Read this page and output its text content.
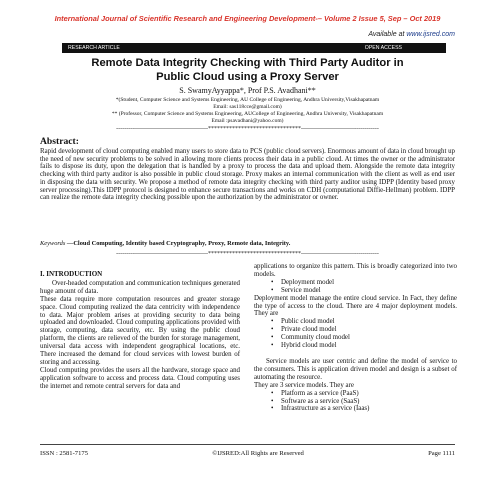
International Journal of Scientific Research and Engineering Development-– Volume 2 Issue 5, Sep – Oct 2019
Available at www.ijsred.com
RESEARCH ARTICLE	OPEN ACCESS
Remote Data Integrity Checking with Third Party Auditor in
Public Cloud using a Proxy Server
S. SwamyAyyappa*, Prof P.S. Avadhani**
*(Student, Computer Science and Systems Engineering, AU College of Engineering, Andhra University,Visakhapatnam
Email: sas118cce@gmail.com)
** (Professor, Computer Science and Systems Engineering, AUCollege of Engineering, Andhra University, Visakhapatnam
Email :psavadhani@yahoo.com)
----------------------------------------------*******************************---------------------------------------
Abstract:
Rapid development of cloud computing enabled many users to store data to PCS (public cloud servers). Enormous amount of data in cloud brought up the need of new security problems to be solved in allowing more clients process their data in a public cloud. At times the owner or the administrator fails to dispose its duty, upon the delegation that is handled by a proxy to process the data and upload them. Alongside the remote data integrity checking with third party auditor is also possible in public cloud storage. Proxy makes an internal communication with the client as well as end user in disposing the data with security. We propose a method of remote data integrity checking with third party auditor using IDPP (Identity based proxy server processing).This IDPP protocol is designed to enhance secure transactions and works on CDH (computational Diffie-Hellman) problem. IDPP can realize the remote data integrity checking possible upon the authorization by the administrator or owner.
Keywords —Cloud Computing, Identity based Cryptography, Proxy, Remote data, Integrity.
----------------------------------------------*******************************---------------------------------------
I. INTRODUCTION

Over-headed computation and communication techniques generated huge amount of data.

These data require more computation resources and greater storage space. Cloud computing realized the data centricity with independence to data. Major problem arises at providing security to data being uploaded and downloaded. Cloud computing applications provided with storage, computing, data security, etc. By using the public cloud platform, the clients are relieved of the burden for storage management, universal data access with independent geographical locations, etc. There increased the demand for cloud services with lowest burden of storing and accessing.

Cloud computing provides the users all the hardware, storage space and application software to access and process data. Cloud computing uses the internet and remote central servers for data and

applications to organize this pattern. This is broadly categorized into two models.

• Deployment model
• Service model

Deployment model manage the entire cloud service. In Fact, they define the type of access to the cloud. There are 4 major deployment models. They are

• Public cloud model
• Private cloud model
• Community cloud model
• Hybrid cloud model

Service models are user centric and define the model of service to the consumers. This is application driven model and design is a subset of automating the resource.

They are 3 service models. They are

• Platform as a service (PaaS)
• Software as a service (SaaS)
• Infrastructure as a service (Iaas)
ISSN : 2581-7175	©IJSRED:All Rights are Reserved	Page 1111
